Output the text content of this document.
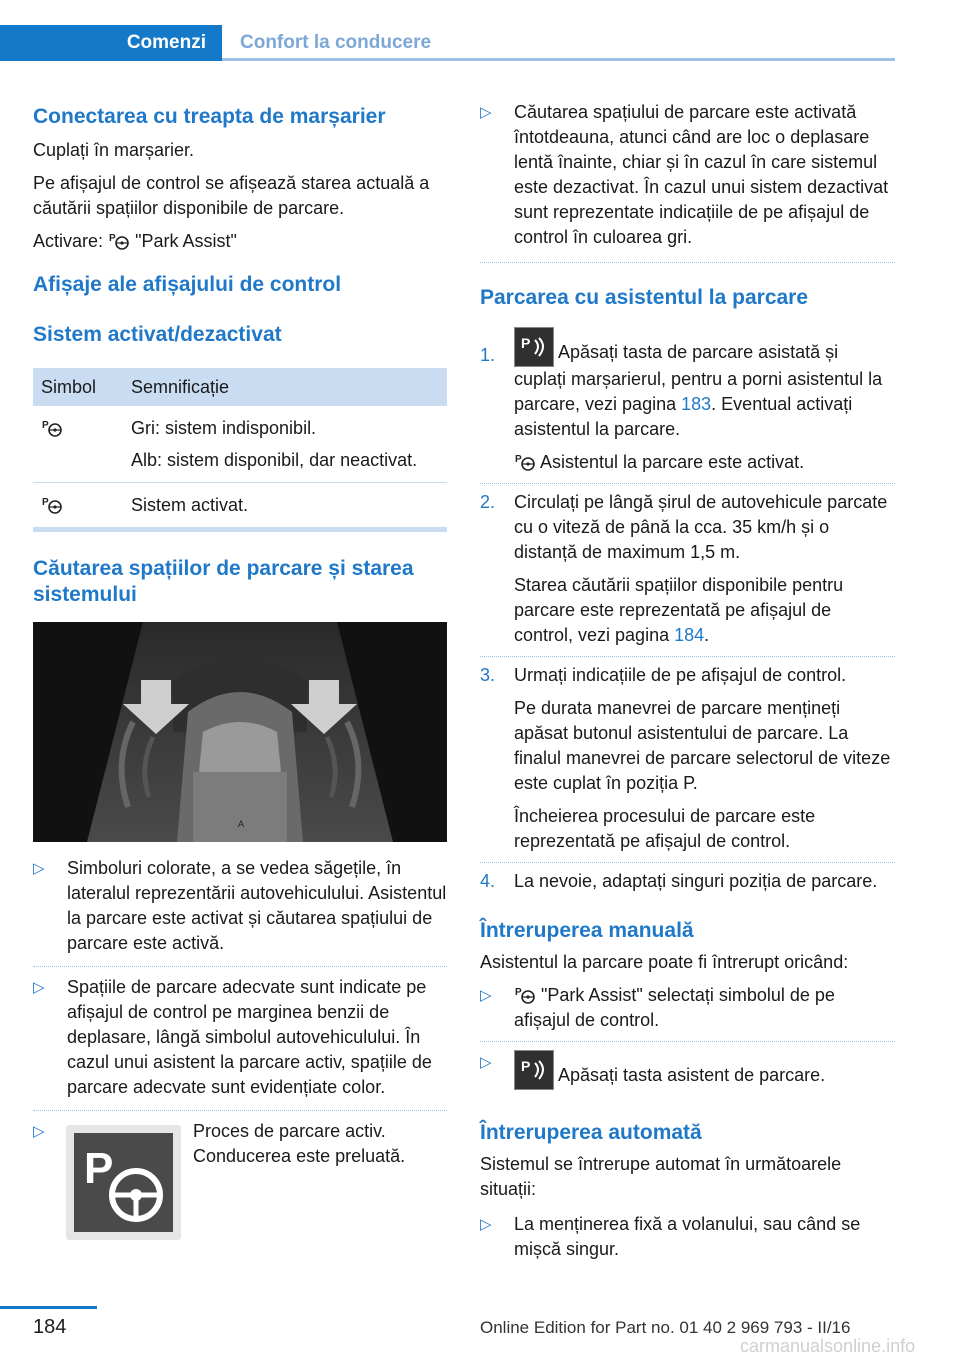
Comenzi	Confort la conducere
Conectarea cu treapta de marșarier

Cuplați în marșarier.

Pe afișajul de control se afișează starea actuală a căutării spațiilor disponibile de parcare.

Activare: P "Park Assist"

Afișaje ale afișajului de control
Sistem activat/dezactivat
Simbol	Semnificație

P	Gri: sistem indisponibil.
Alb: sistem disponibil, dar neactivat.

P	Sistem activat.
Căutarea spațiilor de parcare și starea sistemului
A
▷ Simboluri colorate, a se vedea săgețile, în lateralul reprezentării autovehiculului. Asistentul la parcare este activat și căutarea spațiului de parcare este activă.
▷ Spațiile de parcare adecvate sunt indicate pe afișajul de control pe marginea benzii de deplasare, lângă simbolul autovehiculului. În cazul unui asistent la parcare activ, spațiile de parcare adecvate sunt evidențiate color.
▷
P
Proces de parcare activ. Conducerea este preluată.
▷ Căutarea spațiului de parcare este activată întotdeauna, atunci când are loc o deplasare lentă înainte, chiar și în cazul în care sistemul este dezactivat. În cazul unui sistem dezactivat sunt reprezentate indicațiile de pe afișajul de control în culoarea gri.
Parcarea cu asistentul la parcare
1.
P Apăsați tasta de parcare asistată și cuplați marșarierul, pentru a porni asistentul la parcare, vezi pagina 183. Eventual activați asistentul la parcare.
P Asistentul la parcare este activat.
2. Circulați pe lângă șirul de autovehicule parcate cu o viteză de până la cca. 35 km/h și o distanță de maximum 1,5 m.
Starea căutării spațiilor disponibile pentru parcare este reprezentată pe afișajul de control, vezi pagina 184.
3. Urmați indicațiile de pe afișajul de control.
Pe durata manevrei de parcare mențineți apăsat butonul asistentului de parcare. La finalul manevrei de parcare selectorul de viteze este cuplat în poziția P.
Încheierea procesului de parcare este reprezentată pe afișajul de control.
4. La nevoie, adaptați singuri poziția de parcare.
Întreruperea manuală

Asistentul la parcare poate fi întrerupt oricând:

▷ P "Park Assist" selectați simbolul de pe afișajul de control.
▷ P Apăsați tasta asistent de parcare.
Întreruperea automată

Sistemul se întrerupe automat în următoarele situații:

▷ La menținerea fixă a volanului, sau când se mișcă singur.
184	Online Edition for Part no. 01 40 2 969 793 - II/16
carmanualsonline.info
